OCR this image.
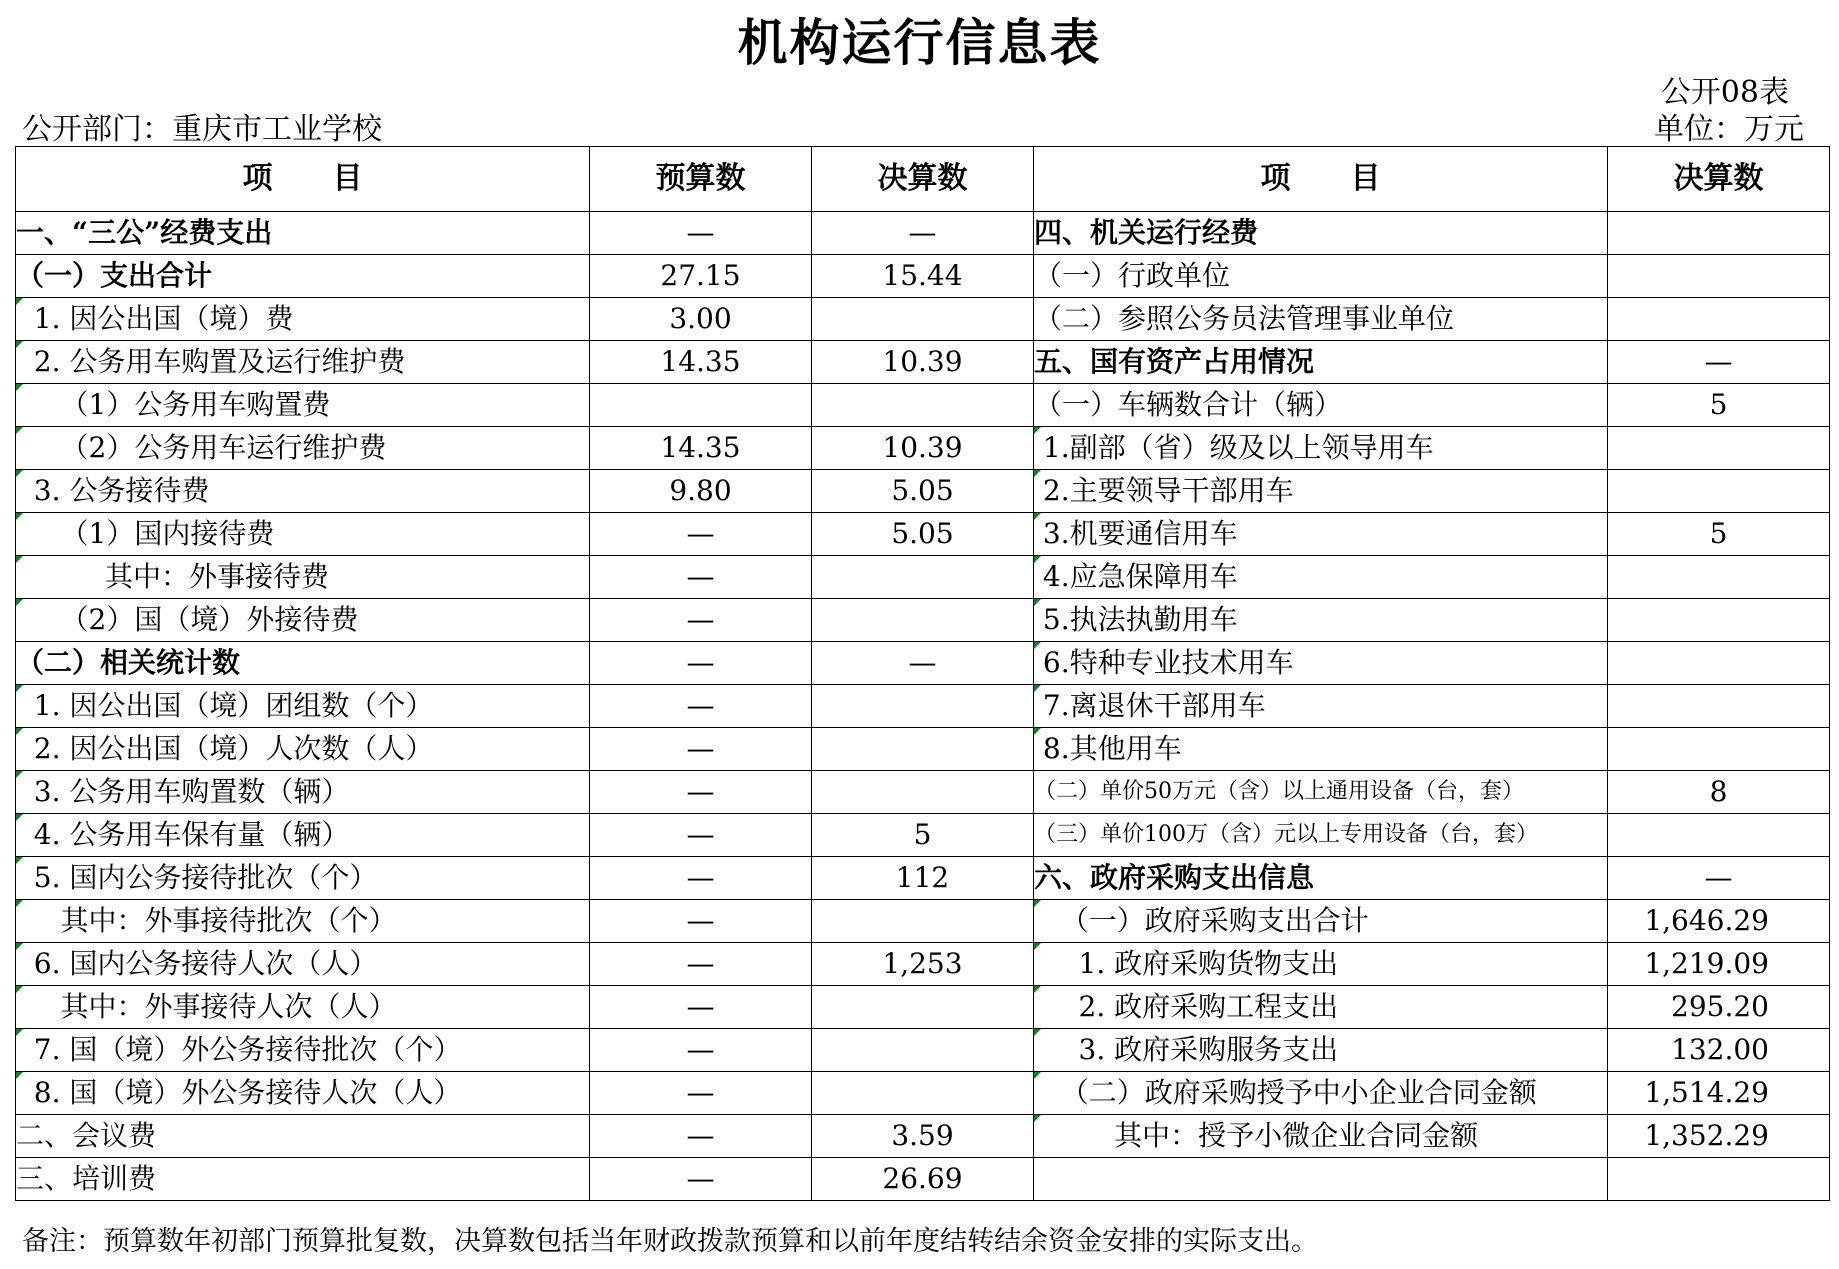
机构运行信息表
公开08表
公开部门：重庆市工业学校	单位：万元
项　　目	预算数	决算数	项　　目	决算数
一、“三公”经费支出	—	—	四、机关运行经费	
（一）支出合计	27.15	15.44	（一）行政单位	
1. 因公出国（境）费	3.00		（二）参照公务员法管理事业单位	
2. 公务用车购置及运行维护费	14.35	10.39	五、国有资产占用情况	—
（1）公务用车购置费			（一）车辆数合计（辆）	5
（2）公务用车运行维护费	14.35	10.39	1.副部（省）级及以上领导用车	
3. 公务接待费	9.80	5.05	2.主要领导干部用车	
（1）国内接待费	—	5.05	3.机要通信用车	5
其中：外事接待费	—		4.应急保障用车	
（2）国（境）外接待费	—		5.执法执勤用车	
（二）相关统计数	—	—	6.特种专业技术用车	
1. 因公出国（境）团组数（个）	—		7.离退休干部用车	
2. 因公出国（境）人次数（人）	—		8.其他用车	
3. 公务用车购置数（辆）	—		（二）单价50万元（含）以上通用设备（台，套）	8
4. 公务用车保有量（辆）	—	5	（三）单价100万（含）元以上专用设备（台，套）	
5. 国内公务接待批次（个）	—	112	六、政府采购支出信息	—
其中：外事接待批次（个）	—		（一）政府采购支出合计	1,646.29
6. 国内公务接待人次（人）	—	1,253	1. 政府采购货物支出	1,219.09
其中：外事接待人次（人）	—		2. 政府采购工程支出	295.20
7. 国（境）外公务接待批次（个）	—		3. 政府采购服务支出	132.00
8. 国（境）外公务接待人次（人）	—		（二）政府采购授予中小企业合同金额	1,514.29
二、会议费	—	3.59	其中：授予小微企业合同金额	1,352.29
三、培训费	—	26.69		
备注：预算数年初部门预算批复数，决算数包括当年财政拨款预算和以前年度结转结余资金安排的实际支出。
